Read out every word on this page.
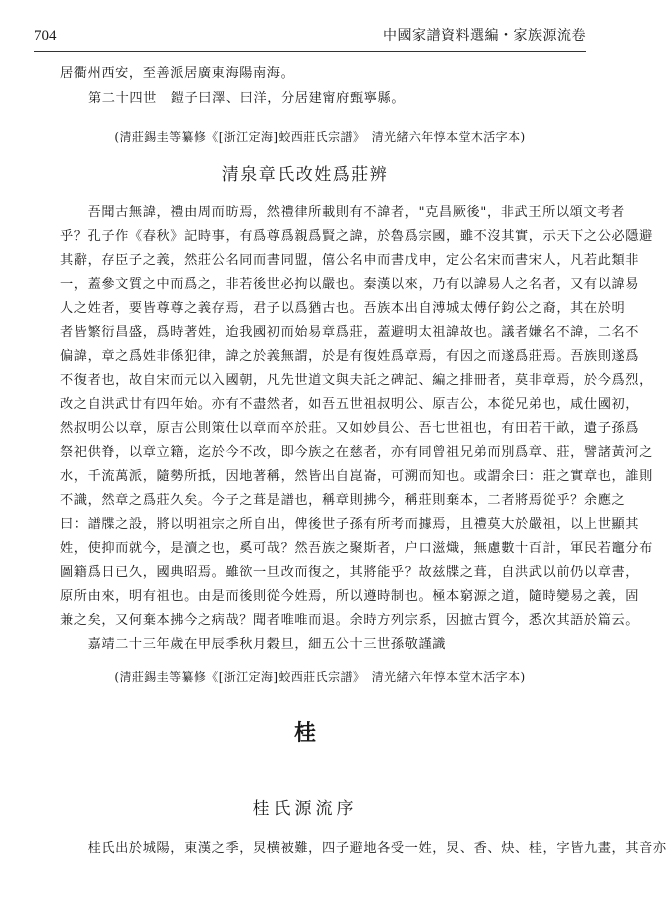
704	中國家譜資料選編・家族源流卷
居衢州西安，至善派居廣東海陽南海。
第二十四世　鎧子曰澤、曰洋，分居建甯府甄寧縣。
(清莊錫圭等纂修《[浙江定海]蛟西莊氏宗譜》　清光緒六年惇本堂木活字本)
清泉章氏改姓爲莊辨
　　吾聞古無諱，禮由周而昉焉，然禮律所載則有不諱者，"克昌厥後"，非武王所以頌文考者
乎？孔子作《春秋》記時事，有爲尊爲親爲賢之諱，於魯爲宗國，雖不沒其實，示天下之公必隱避
其辭，存臣子之義，然莊公名同而書同盟，僖公名申而書戊申，定公名宋而書宋人，凡若此類非
一，蓋參文質之中而爲之，非若後世必拘以嚴也。秦漢以來，乃有以諱易人之名者，又有以諱易
人之姓者，要皆尊尊之義存焉，君子以爲猶古也。吾族本出自溥城太傅仔鈞公之裔，其在於明
者皆繁衍昌盛，爲時著姓，迨我國初而始易章爲莊，蓋避明太祖諱故也。議者嫌名不諱，二名不
偏諱，章之爲姓非係犯律，諱之於義無謂，於是有復姓爲章焉，有因之而遂爲莊焉。吾族則遂爲
不復者也，故自宋而元以入國朝，凡先世道文與夫託之碑記、編之排冊者，莫非章焉，於今爲烈，
改之自洪武廿有四年始。亦有不盡然者，如吾五世祖叔明公、原吉公，本從兄弟也，咸仕國初，
然叔明公以章，原吉公則策仕以章而卒於莊。又如妙員公、吾七世祖也，有田若干畝，遺子孫爲
祭祀供脊，以章立籍，迄於今不改，即今族之在慈者，亦有同曾祖兄弟而別爲章、莊，譬諸黃河之
水，千流萬派，隨勢所抵，因地著稱，然皆出自崑崙，可溯而知也。或謂余曰：莊之實章也，誰則
不識，然章之爲莊久矣。今子之葺是譜也，稱章則拂今，稱莊則棄本，二者將焉從乎？余應之
曰：譜牒之設，將以明祖宗之所自出，俾後世子孫有所考而據焉，且禮莫大於嚴祖，以上世顯其
姓，使抑而就今，是瀆之也，奚可哉？然吾族之聚斯者，户口滋熾，無慮數十百計，軍民若竈分布
圖籍爲日已久，國典昭焉。雖欲一旦改而復之，其將能乎？故兹牒之葺，自洪武以前仍以章書，
原所由來，明有祖也。由是而後則從今姓焉，所以遵時制也。極本窮源之道，隨時變易之義，固
兼之矣，又何棄本拂今之病哉？聞者唯唯而退。余時方列宗系，因摭古質今，悉次其語於篇云。
　　嘉靖二十三年歲在甲辰季秋月穀旦，細五公十三世孫敬謹識
(清莊錫圭等纂修《[浙江定海]蛟西莊氏宗譜》　清光緒六年惇本堂木活字本)
桂
桂氏源流序
　　桂氏出於城陽，東漢之季，炅横被難，四子避地各受一姓，炅、香、炔、桂，字皆九畫，其音亦
